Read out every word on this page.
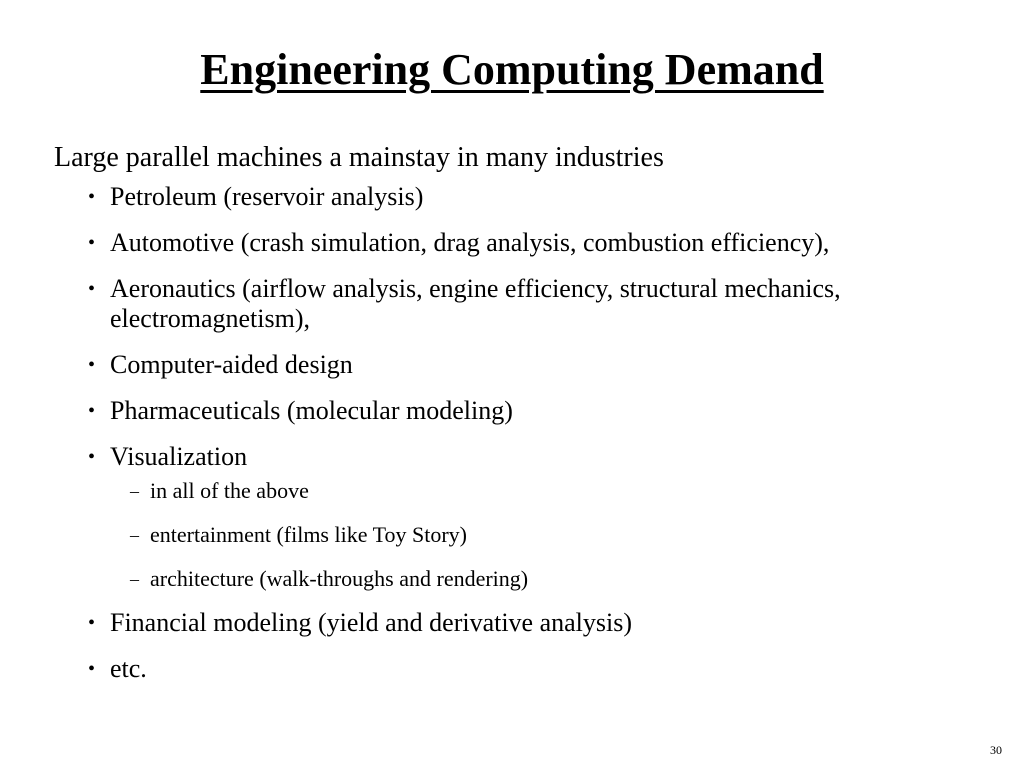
Engineering Computing Demand

Large parallel machines a mainstay in many industries

• Petroleum (reservoir analysis)
• Automotive (crash simulation, drag analysis, combustion efficiency),
• Aeronautics (airflow analysis, engine efficiency, structural mechanics, electromagnetism),
• Computer-aided design
• Pharmaceuticals (molecular modeling)
• Visualization
– in all of the above
– entertainment (films like Toy Story)
– architecture (walk-throughs and rendering)
• Financial modeling (yield and derivative analysis)
• etc.

30
